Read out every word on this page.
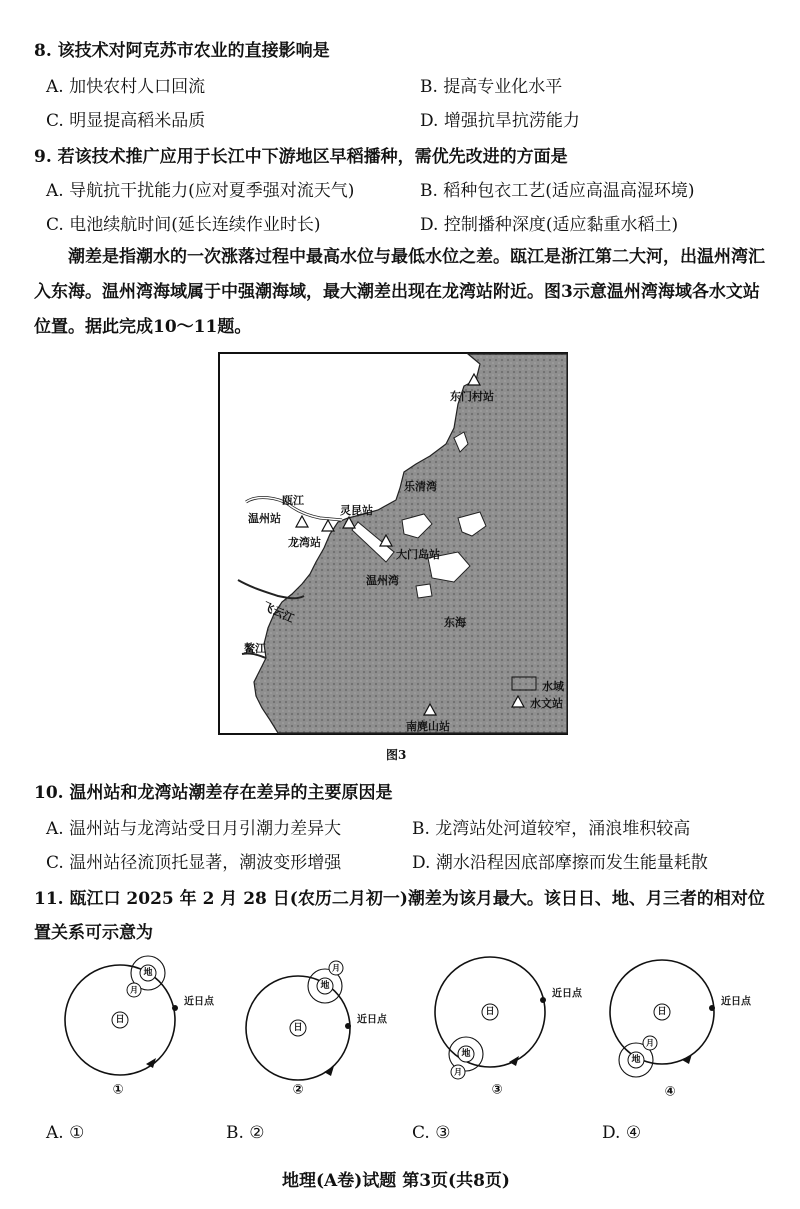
8. 该技术对阿克苏市农业的直接影响是
A. 加快农村人口回流	B. 提高专业化水平
C. 明显提高稻米品质	D. 增强抗旱抗涝能力
9. 若该技术推广应用于长江中下游地区早稻播种，需优先改进的方面是
A. 导航抗干扰能力(应对夏季强对流天气)	B. 稻种包衣工艺(适应高温高湿环境)
C. 电池续航时间(延长连续作业时长)	D. 控制播种深度(适应黏重水稻土)
潮差是指潮水的一次涨落过程中最高水位与最低水位之差。瓯江是浙江第二大河，出温州湾汇入东海。温州湾海域属于中强潮海域，最大潮差出现在龙湾站附近。图3示意温州湾海域各水文站位置。据此完成10～11题。
东门村站
乐清湾
瓯江
温州站
灵昆站
龙湾站
大门岛站
温州湾
飞云江	东海
鳌江
南麂山站
水域
水文站
图3
10. 温州站和龙湾站潮差存在差异的主要原因是
A. 温州站与龙湾站受日月引潮力差异大	B. 龙湾站处河道较窄，涌浪堆积较高
C. 温州站径流顶托显著，潮波变形增强	D. 潮水沿程因底部摩擦而发生能量耗散
11. 瓯江口 2025 年 2 月 28 日(农历二月初一)潮差为该月最大。该日日、地、月三者的相对位
置关系可示意为
日
地
月
近日点
①
日
地
月
近日点
②
日
地
月
近日点
③
日
地
月
近日点
④
A. ①	B. ②	C. ③	D. ④
地理(A卷)试题 第3页(共8页)
